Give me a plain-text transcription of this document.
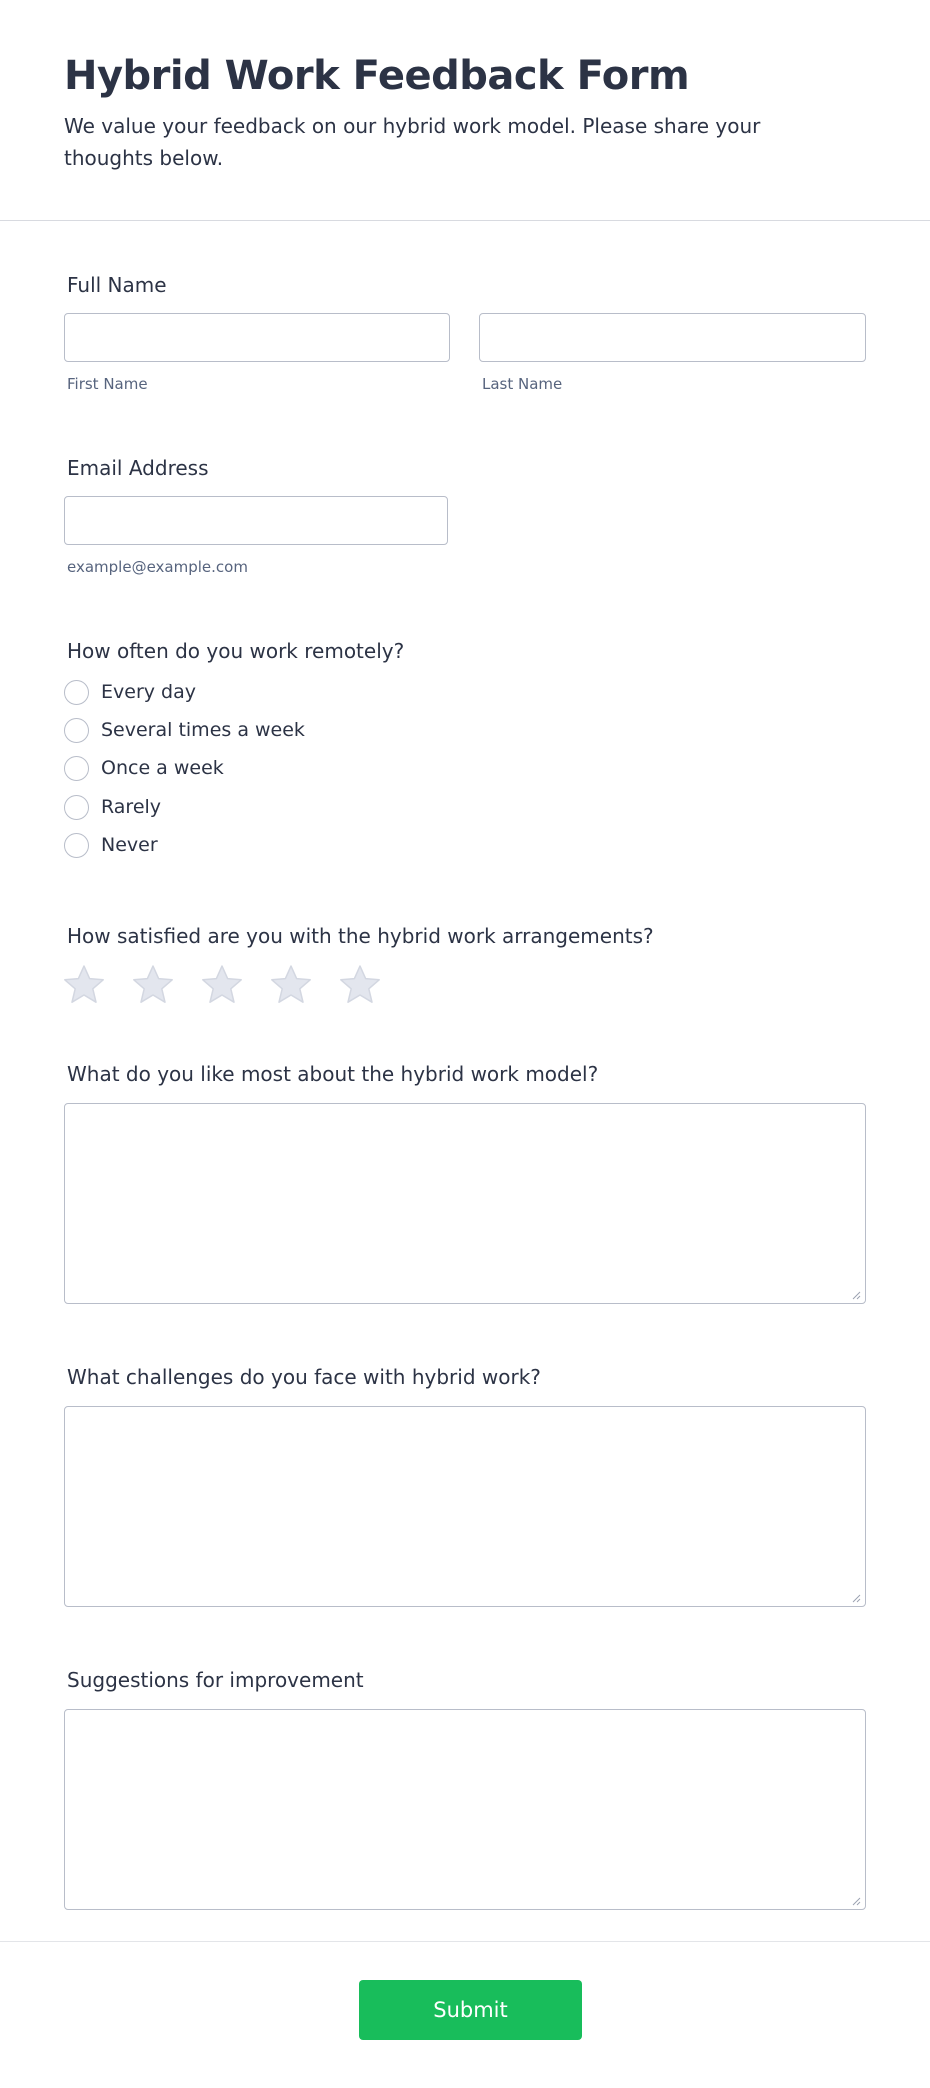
Hybrid Work Feedback Form

We value your feedback on our hybrid work model. Please share your thoughts below.

Full Name
First Name	Last Name
Email Address
example@example.com
How often do you work remotely?
Every day
Several times a week
Once a week
Rarely
Never
How satisfied are you with the hybrid work arrangements?
What do you like most about the hybrid work model?
What challenges do you face with hybrid work?
Suggestions for improvement
Submit
